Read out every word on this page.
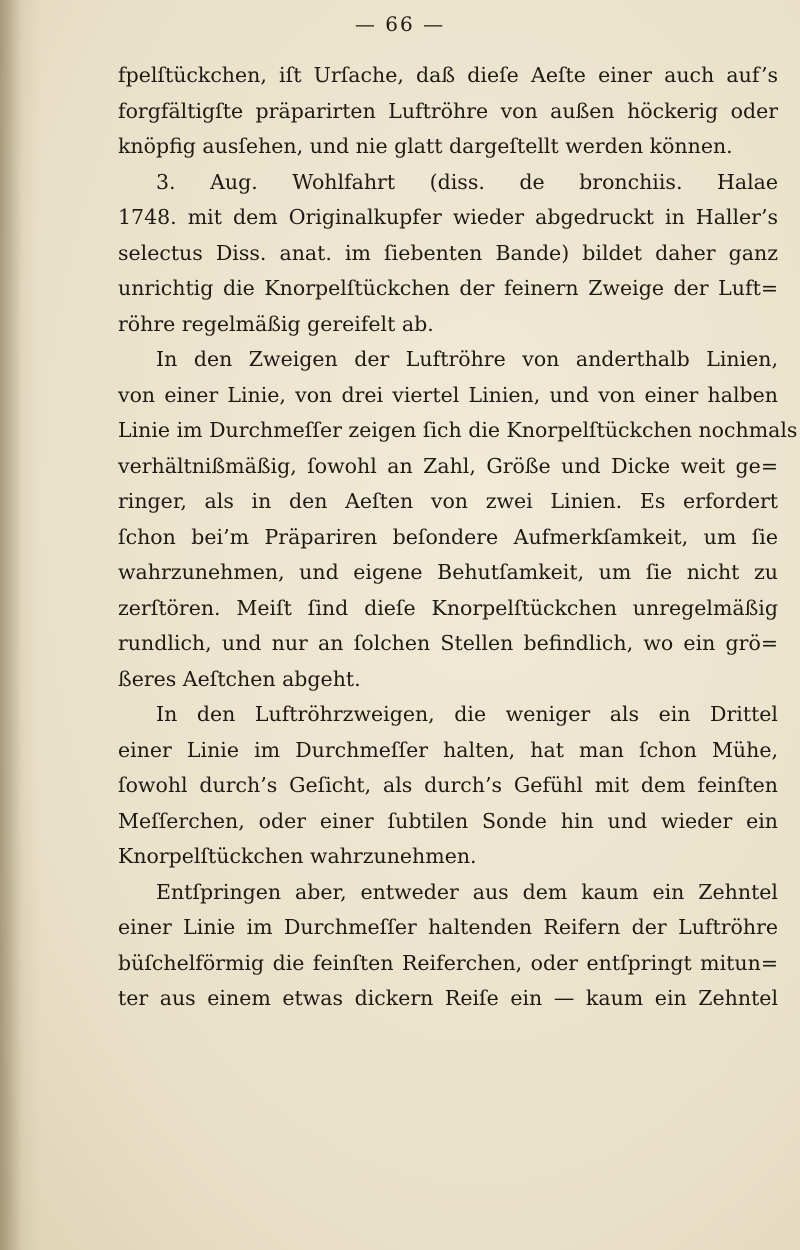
— 66 —
fpelſtückchen, iſt Urſache, daß dieſe Aeſte einer auch auf’s
forgfältigſte präparirten Luftröhre von außen höckerig oder
knöpfig ausſehen, und nie glatt dargeſtellt werden können.
3. Aug. Wohlfahrt (diss. de bronchiis. Halae
1748. mit dem Originalkupfer wieder abgedruckt in Haller’s
selectus Diss. anat. im ſiebenten Bande) bildet daher ganz
unrichtig die Knorpelſtückchen der feinern Zweige der Luft=
röhre regelmäßig gereifelt ab.
In den Zweigen der Luftröhre von anderthalb Linien,
von einer Linie, von drei viertel Linien, und von einer halben
Linie im Durchmeſſer zeigen ſich die Knorpelſtückchen nochmals
verhältnißmäßig, ſowohl an Zahl, Größe und Dicke weit ge=
ringer, als in den Aeſten von zwei Linien. Es erfordert
ſchon bei’m Präpariren beſondere Aufmerkſamkeit, um ſie
wahrzunehmen, und eigene Behutſamkeit, um ſie nicht zu
zerſtören. Meiſt ſind dieſe Knorpelſtückchen unregelmäßig
rundlich, und nur an ſolchen Stellen befindlich, wo ein grö=
ßeres Aeſtchen abgeht.
In den Luftröhrzweigen, die weniger als ein Drittel
einer Linie im Durchmeſſer halten, hat man ſchon Mühe,
ſowohl durch’s Geſicht, als durch’s Gefühl mit dem feinſten
Meſſerchen, oder einer ſubtilen Sonde hin und wieder ein
Knorpelſtückchen wahrzunehmen.
Entſpringen aber, entweder aus dem kaum ein Zehntel
einer Linie im Durchmeſſer haltenden Reifern der Luftröhre
büſchelförmig die feinſten Reiferchen, oder entſpringt mitun=
ter aus einem etwas dickern Reiſe ein — kaum ein Zehntel
